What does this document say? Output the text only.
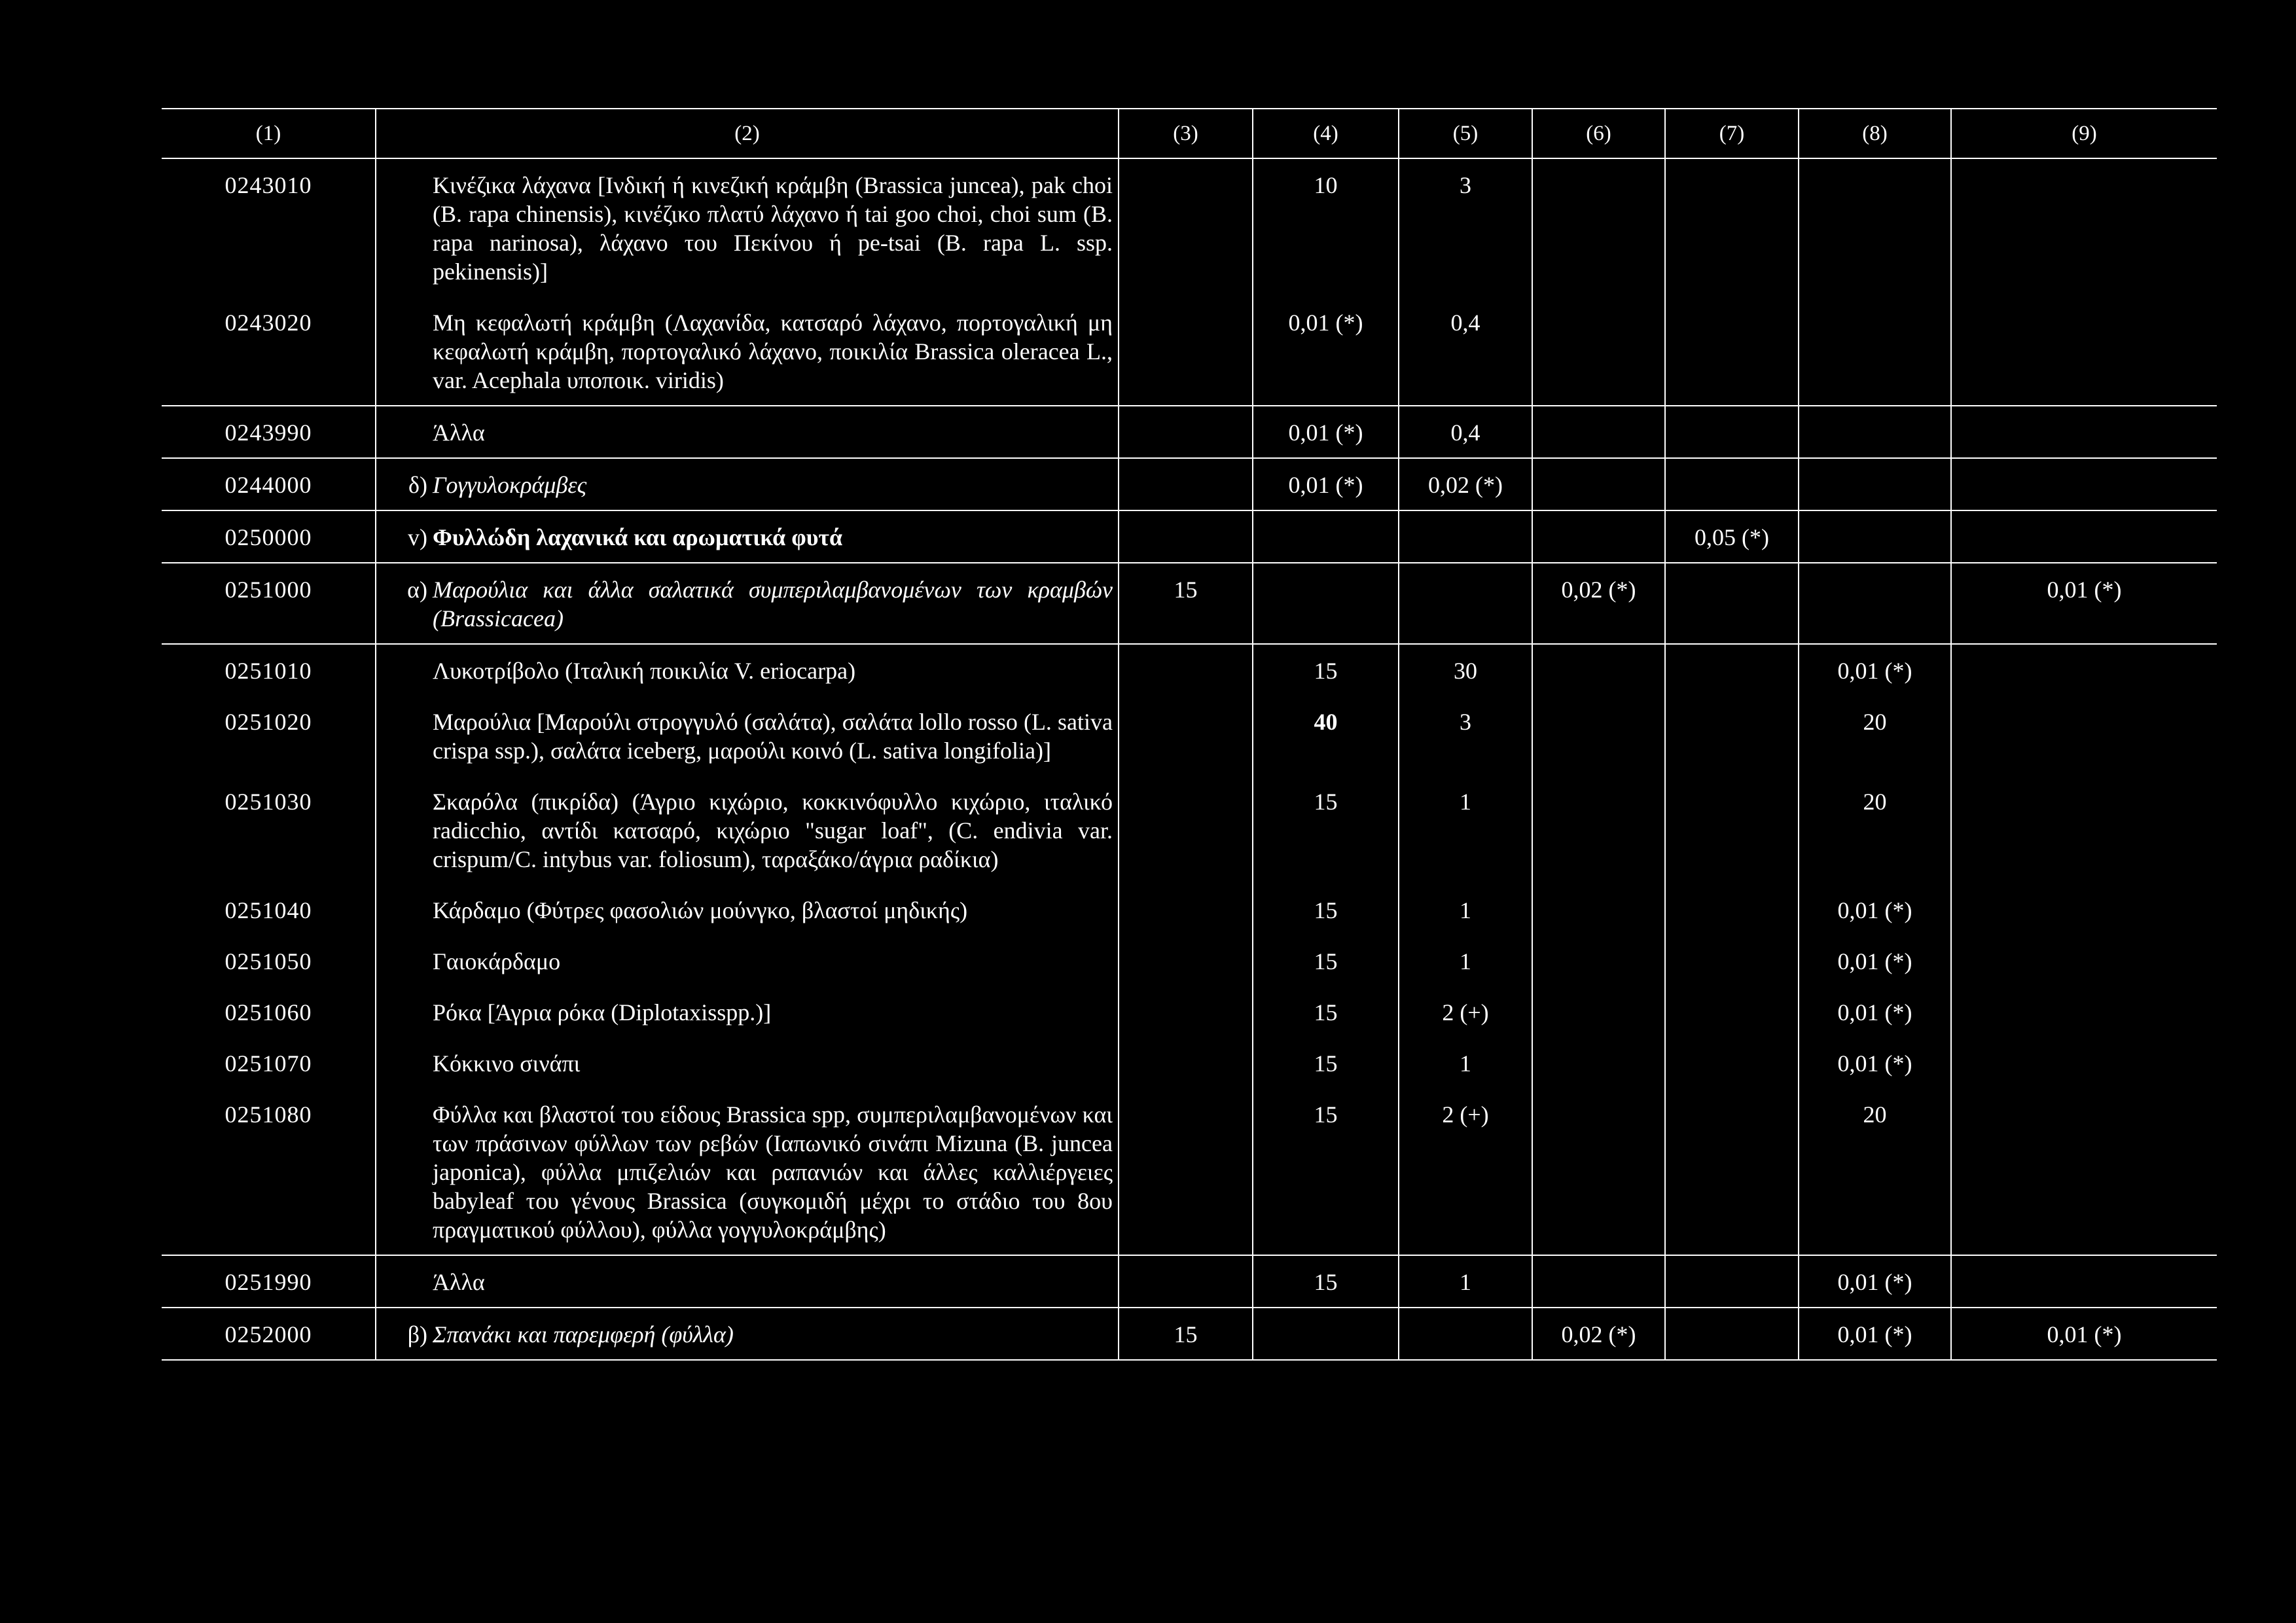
(1)	(2)	(3)	(4)	(5)	(6)	(7)	(8)	(9)
0243010	Κινέζικα λάχανα [Ινδική ή κινεζική κράμβη (Brassica juncea), pak choi (B. rapa chinensis), κινέζικο πλατύ λάχανο ή tai goo choi, choi sum (B. rapa narinosa), λάχανο του Πεκίνου ή pe-tsai (B. rapa L. ssp. pekinensis)]		10	3				
0243020	Μη κεφαλωτή κράμβη (Λαχανίδα, κατσαρό λάχανο, πορτογαλική μη κεφαλωτή κράμβη, πορτογαλικό λάχανο, ποικιλία Brassica oleracea L., var. Acephala υποποικ. viridis)		0,01 (*)	0,4				
0243990	Άλλα		0,01 (*)	0,4				
0244000	δ) Γογγυλοκράμβες		0,01 (*)	0,02 (*)				
0250000	v) Φυλλώδη λαχανικά και αρωματικά φυτά					0,05 (*)		
0251000	α) Μαρούλια και άλλα σαλατικά συμπεριλαμβανομένων των κραμβών (Brassicacea)	15			0,02 (*)			0,01 (*)
0251010	Λυκοτρίβολο (Ιταλική ποικιλία V. eriocarpa)		15	30			0,01 (*)	
0251020	Μαρούλια [Μαρούλι στρογγυλό (σαλάτα), σαλάτα lollo rosso (L. sativa crispa ssp.), σαλάτα iceberg, μαρούλι κοινό (L. sativa longifolia)]		40	3			20	
0251030	Σκαρόλα (πικρίδα) (Άγριο κιχώριο, κοκκινόφυλλο κιχώριο, ιταλικό radicchio, αντίδι κατσαρό, κιχώριο "sugar loaf", (C. endivia var. crispum/C. intybus var. foliosum), ταραξάκο/άγρια ραδίκια)		15	1			20	
0251040	Κάρδαμο (Φύτρες φασολιών μούνγκο, βλαστοί μηδικής)		15	1			0,01 (*)	
0251050	Γαιοκάρδαμο		15	1			0,01 (*)	
0251060	Ρόκα [Άγρια ρόκα (Diplotaxisspp.)]		15	2 (+)			0,01 (*)	
0251070	Κόκκινο σινάπι		15	1			0,01 (*)	
0251080	Φύλλα και βλαστοί του είδους Brassica spp, συμπεριλαμβανομένων και των πράσινων φύλλων των ρεβών (Ιαπωνικό σινάπι Mizuna (B. juncea japonica), φύλλα μπιζελιών και ραπανιών και άλλες καλλιέργειες babyleaf του γένους Brassica (συγκομιδή μέχρι το στάδιο του 8ου πραγματικού φύλλου), φύλλα γογγυλοκράμβης)		15	2 (+)			20	
0251990	Άλλα		15	1			0,01 (*)	
0252000	β) Σπανάκι και παρεμφερή (φύλλα)	15			0,02 (*)		0,01 (*)	0,01 (*)
